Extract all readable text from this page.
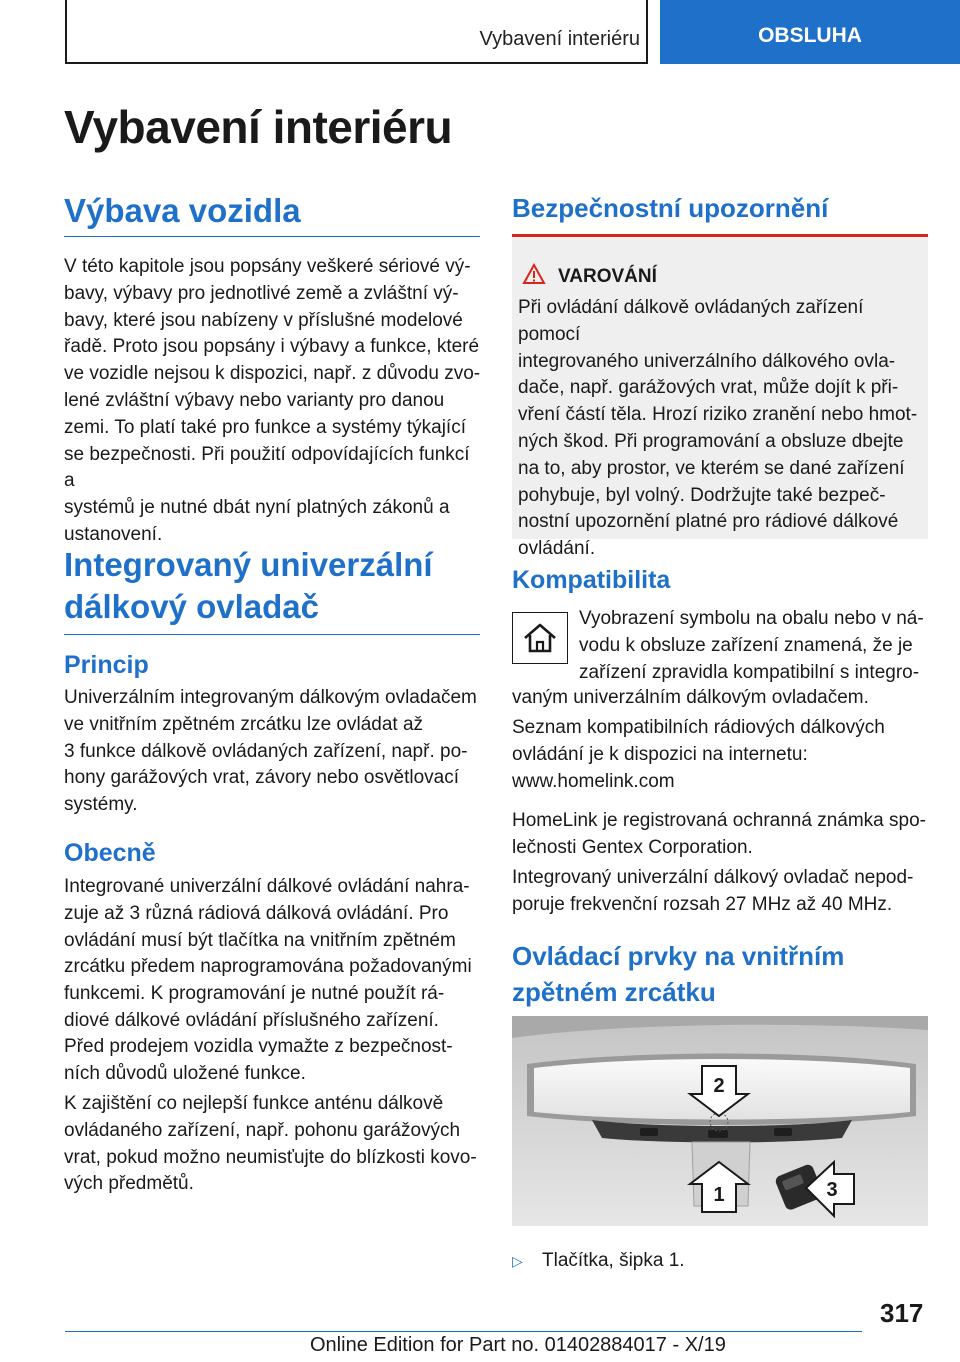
Vybavení interiéru	OBSLUHA
Vybavení interiéru
Výbava vozidla
V této kapitole jsou popsány veškeré sériové vý-
bavy, výbavy pro jednotlivé země a zvláštní vý-
bavy, které jsou nabízeny v příslušné modelové
řadě. Proto jsou popsány i výbavy a funkce, které
ve vozidle nejsou k dispozici, např. z důvodu zvo-
lené zvláštní výbavy nebo varianty pro danou
zemi. To platí také pro funkce a systémy týkající
se bezpečnosti. Při použití odpovídajících funkcí a
systémů je nutné dbát nyní platných zákonů a
ustanovení.
Integrovaný univerzální
dálkový ovladač
Princip
Univerzálním integrovaným dálkovým ovladačem
ve vnitřním zpětném zrcátku lze ovládat až
3 funkce dálkově ovládaných zařízení, např. po-
hony garážových vrat, závory nebo osvětlovací
systémy.
Obecně
Integrované univerzální dálkové ovládání nahra-
zuje až 3 různá rádiová dálková ovládání. Pro
ovládání musí být tlačítka na vnitřním zpětném
zrcátku předem naprogramována požadovanými
funkcemi. K programování je nutné použít rá-
diové dálkové ovládání příslušného zařízení.
Před prodejem vozidla vymažte z bezpečnost-
ních důvodů uložené funkce.
K zajištění co nejlepší funkce anténu dálkově
ovládaného zařízení, např. pohonu garážových
vrat, pokud možno neumisťujte do blízkosti kovo-
vých předmětů.
Bezpečnostní upozornění
VAROVÁNÍ
Při ovládání dálkově ovládaných zařízení pomocí
integrovaného univerzálního dálkového ovla-
dače, např. garážových vrat, může dojít k při-
vření částí těla. Hrozí riziko zranění nebo hmot-
ných škod. Při programování a obsluze dbejte
na to, aby prostor, ve kterém se dané zařízení
pohybuje, byl volný. Dodržujte také bezpeč-
nostní upozornění platné pro rádiové dálkové
ovládání.
Kompatibilita
Vyobrazení symbolu na obalu nebo v ná-
vodu k obsluze zařízení znamená, že je
zařízení zpravidla kompatibilní s integro-
vaným univerzálním dálkovým ovladačem.
Seznam kompatibilních rádiových dálkových
ovládání je k dispozici na internetu:
www.homelink.com
HomeLink je registrovaná ochranná známka spo-
lečnosti Gentex Corporation.
Integrovaný univerzální dálkový ovladač nepod-
poruje frekvenční rozsah 27 MHz až 40 MHz.
Ovládací prvky na vnitřním
zpětném zrcátku
2
1	3
▷	Tlačítka, šipka 1.
317
Online Edition for Part no. 01402884017 - X/19
